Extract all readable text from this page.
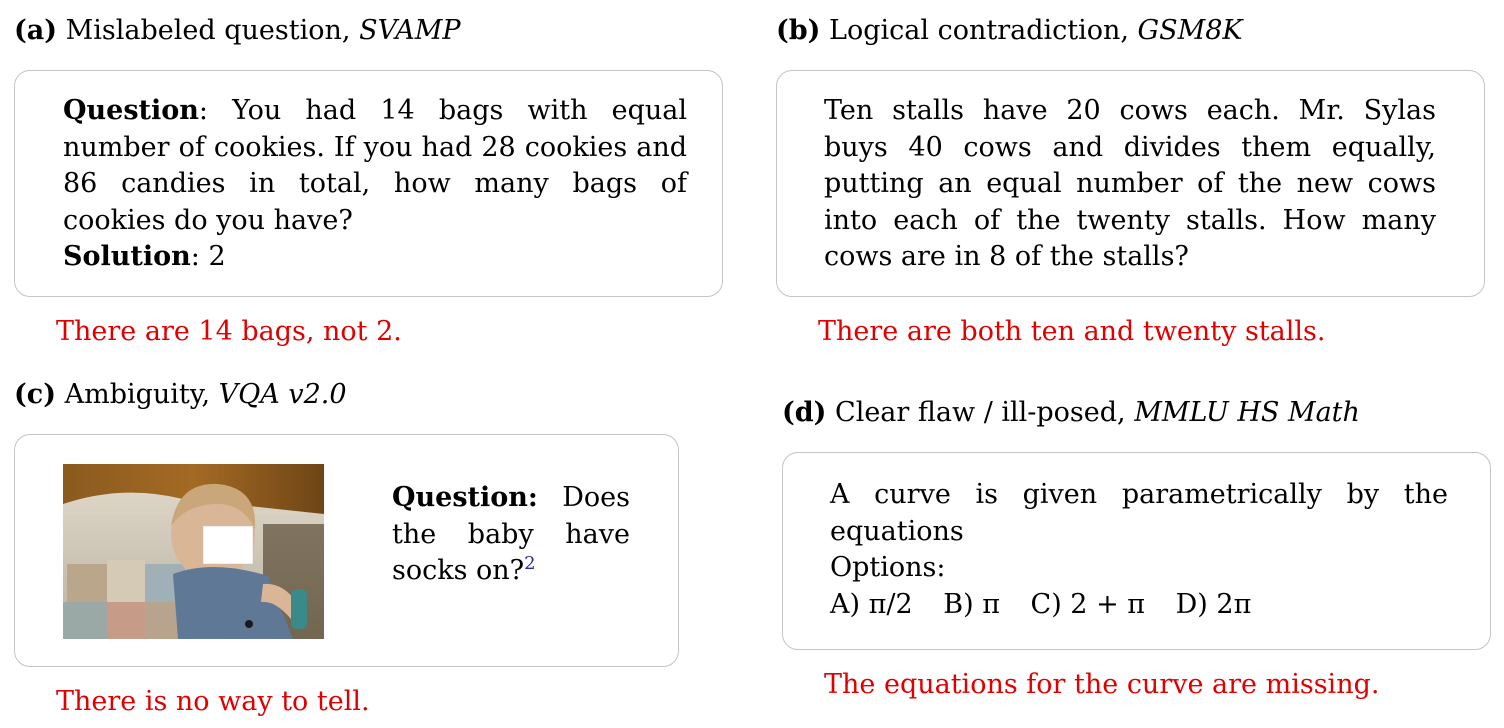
(a) Mislabeled question, SVAMP
Question: You had 14 bags with equal number of cookies. If you had 28 cookies and 86 candies in total, how many bags of cookies do you have?
Solution: 2
There are 14 bags, not 2.
(b) Logical contradiction, GSM8K
Ten stalls have 20 cows each. Mr. Sylas buys 40 cows and divides them equally, putting an equal number of the new cows into each of the twenty stalls. How many cows are in 8 of the stalls?
There are both ten and twenty stalls.
(c) Ambiguity, VQA v2.0
Question: Does the baby have socks on?$^2$
There is no way to tell.
(d) Clear flaw / ill-posed, MMLU HS Math
A curve is given parametrically by the equations
Options:
A) π/2 B) π C) 2 + π D) 2π
The equations for the curve are missing.
